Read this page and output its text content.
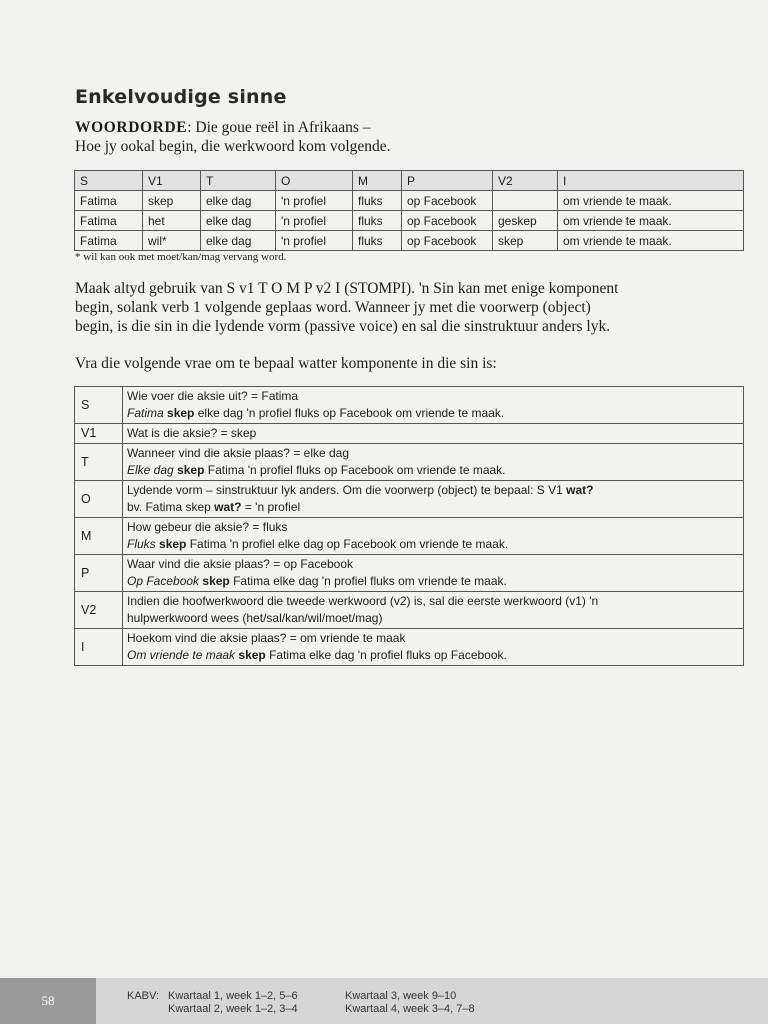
Enkelvoudige sinne
WOORDORDE: Die goue reël in Afrikaans –
Hoe jy ookal begin, die werkwoord kom volgende.
S	V1	T	O	M	P	V2	I
Fatima	skep	elke dag	'n profiel	fluks	op Facebook		om vriende te maak.
Fatima	het	elke dag	'n profiel	fluks	op Facebook	geskep	om vriende te maak.
Fatima	wil*	elke dag	'n profiel	fluks	op Facebook	skep	om vriende te maak.
* wil kan ook met moet/kan/mag vervang word.
Maak altyd gebruik van S v1 T O M P v2 I (STOMPI). 'n Sin kan met enige komponent
begin, solank verb 1 volgende geplaas word. Wanneer jy met die voorwerp (object)
begin, is die sin in die lydende vorm (passive voice) en sal die sinstruktuur anders lyk.
Vra die volgende vrae om te bepaal watter komponente in die sin is:
S	Wie voer die aksie uit? = Fatima
Fatima skep elke dag 'n profiel fluks op Facebook om vriende te maak.

V1	Wat is die aksie? = skep

T	Wanneer vind die aksie plaas? = elke dag
Elke dag skep Fatima 'n profiel fluks op Facebook om vriende te maak.

O	Lydende vorm – sinstruktuur lyk anders. Om die voorwerp (object) te bepaal: S V1 wat?
bv. Fatima skep wat? = 'n profiel

M	How gebeur die aksie? = fluks
Fluks skep Fatima 'n profiel elke dag op Facebook om vriende te maak.

P	Waar vind die aksie plaas? = op Facebook
Op Facebook skep Fatima elke dag 'n profiel fluks om vriende te maak.

V2	Indien die hoofwerkwoord die tweede werkwoord (v2) is, sal die eerste werkwoord (v1) 'n
hulpwerkwoord wees (het/sal/kan/wil/moet/mag)

I	Hoekom vind die aksie plaas? = om vriende te maak
Om vriende te maak skep Fatima elke dag 'n profiel fluks op Facebook.
58	KABV: Kwartaal 1, week 1–2, 5–6
Kwartaal 2, week 1–2, 3–4
Kwartaal 3, week 9–10
Kwartaal 4, week 3–4, 7–8
